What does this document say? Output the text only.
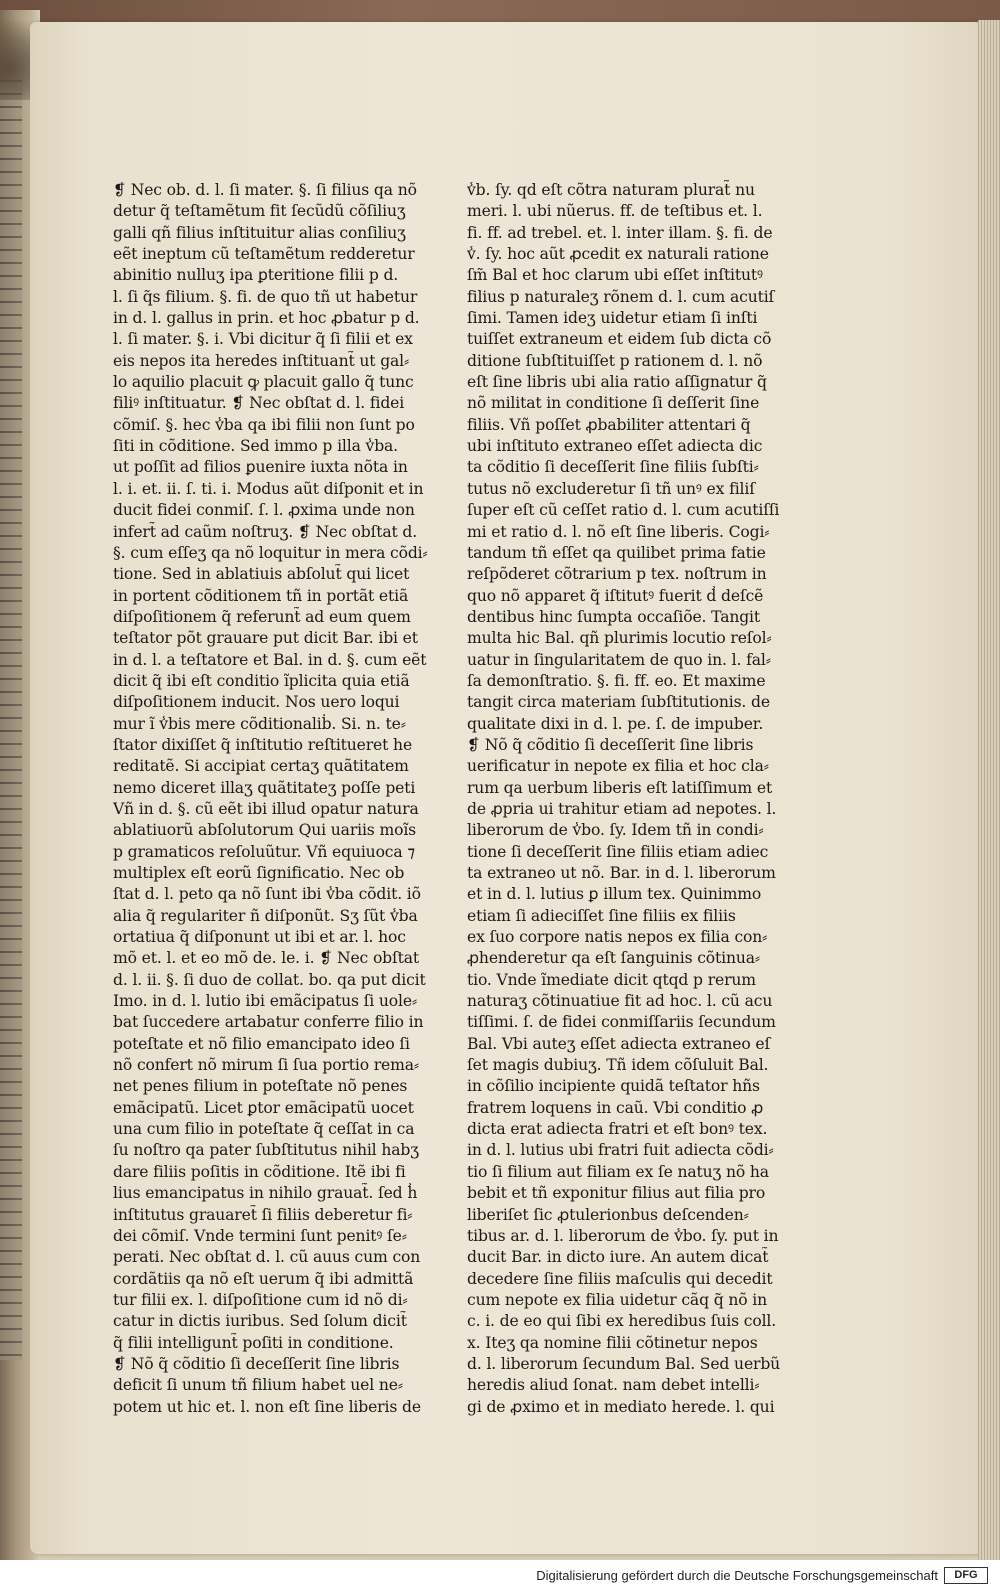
❡ Nec ob. d. l. ſi mater. §. ſi filius qa nõ
detur q̃ teſtamẽtum fit ſecũdũ cõſiliuʒ
galli qñ filius inſtituitur alias conſiliuʒ
eẽt ineptum cũ teſtamẽtum redderetur
abinitio nulluʒ ipa ꝑteritione filii p d.
l. ſi q̃s filium. §. fi. de quo tñ ut habetur
in d. l. gallus in prin. et hoc ꝓbatur p d.
l. ſi mater. §. i. Vbi dicitur q̃ ſi filii et ex
eis nepos ita heredes inſtituant̃ ut gal⸗
lo aquilio placuit ꝙ placuit gallo q̃ tunc
filiꝰ inſtituatur. ❡ Nec obſtat d. l. fidei
cõmiſ. §. hec v̾ba qa ibi filii non ſunt po
ſiti in cõditione. Sed immo p illa v̾ba.
ut poſſit ad filios ꝑuenire iuxta nõta in
l. i. et. ii. ſ. ti. i. Modus aũt diſponit et in
ducit fidei conmiſ. ſ. l. ꝓxima unde non
infert̃ ad caũm noſtruʒ. ❡ Nec obſtat d.
§. cum eſſeʒ qa nõ loquitur in mera cõdi⸗
tione. Sed in ablatiuis abſolut̃ qui licet
in portent cõditionem tñ in portãt etiã
diſpoſitionem q̃ referunt̃ ad eum quem
teſtator põt grauare put dicit Bar. ibi et
in d. l. a teſtatore et Bal. in d. §. cum eẽt
dicit q̃ ibi eſt conditio ĩplicita quia etiã
diſpoſitionem inducit. Nos uero loqui
mur ĩ v̾bis mere cõditionaliḃ. Si. n. te⸗
ſtator dixiſſet q̃ inſtitutio reſtitueret he
reditatẽ. Si accipiat certaʒ quãtitatem
nemo diceret illaʒ quãtitateʒ poſſe peti
Vñ in d. §. cũ eẽt ibi illud opatur natura
ablatiuorũ abſolutorum Qui uariis moĩs
p gramaticos reſoluũtur. Vñ equiuoca ⁊
multiplex eſt eorũ ſignificatio. Nec ob
ſtat d. l. peto qa nõ ſunt ibi v̾ba cõdit. iõ
alia q̃ regulariter ñ diſponũt. Sʒ ſũt v̾ba
ortatiua q̃ diſponunt ut ibi et ar. l. hoc
mõ et. l. et eo mõ de. le. i. ❡ Nec obſtat
d. l. ii. §. ſi duo de collat. bo. qa put dicit
Imo. in d. l. lutio ibi emãcipatus ſi uole⸗
bat ſuccedere artabatur conferre filio in
poteſtate et nõ filio emancipato ideo ſi
nõ confert nõ mirum ſi ſua portio rema⸗
net penes filium in poteſtate nõ penes
emãcipatũ. Licet ꝑtor emãcipatũ uocet
una cum filio in poteſtate q̃ ceſſat in ca
ſu noſtro qa pater ſubſtitutus nihil habʒ
dare filiis poſitis in cõditione. Itẽ ibi fi
lius emancipatus in nihilo grauat̃. ſed h̾
inſtitutus grauaret̃ ſi filiis deberetur fi⸗
dei cõmiſ. Vnde termini ſunt penitꝰ ſe⸗
perati. Nec obſtat d. l. cũ auus cum con
cordãtiis qa nõ eſt uerum q̃ ibi admittã
tur filii ex. l. diſpoſitione cum id nõ di⸗
catur in dictis iuribus. Sed ſolum dicit̃
q̃ filii intelligunt̃ poſiti in conditione.
❡ Nõ q̃ cõditio ſi deceſſerit ſine libris
deficit ſi unum tñ filium habet uel ne⸗
potem ut hic et. l. non eſt ſine liberis de
v̾b. ſy. qd eſt cõtra naturam plurat̃ nu
meri. l. ubi nũerus. ff. de teſtibus et. l.
fi. ff. ad trebel. et. l. inter illam. §. fi. de
v̾. ſy. hoc aũt ꝓcedit ex naturali ratione
ſm̃ Bal et hoc clarum ubi eſſet inſtitutꝰ
filius p naturaleʒ rõnem d. l. cum acutiſ
ſimi. Tamen ideʒ uidetur etiam ſi inſti
tuiſſet extraneum et eidem ſub dicta cõ
ditione ſubſtituiſſet p rationem d. l. nõ
eſt ſine libris ubi alia ratio aſſignatur q̃
nõ militat in conditione ſi deſſerit ſine
filiis. Vñ poſſet ꝓbabiliter attentari q̃
ubi inſtituto extraneo eſſet adiecta dic
ta cõditio ſi deceſſerit ſine filiis ſubſti⸗
tutus nõ excluderetur ſi tñ unꝰ ex filiſ
ſuper eſt cũ ceſſet ratio d. l. cum acutiſſi
mi et ratio d. l. nõ eſt ſine liberis. Cogi⸗
tandum tñ eſſet qa quilibet prima fatie
reſpõderet cõtrarium p tex. noſtrum in
quo nõ apparet q̃ iſtitutꝰ fuerit d̾ deſcẽ
dentibus hinc ſumpta occaſiõe. Tangit
multa hic Bal. qñ plurimis locutio reſol⸗
uatur in ſingularitatem de quo in. l. fal⸗
ſa demonſtratio. §. fi. ff. eo. Et maxime
tangit circa materiam ſubſtitutionis. de
qualitate dixi in d. l. pe. ſ. de impuber.
❡ Nõ q̃ cõditio ſi deceſſerit ſine libris
uerificatur in nepote ex filia et hoc cla⸗
rum qa uerbum liberis eſt latiſſimum et
de ꝓpria ui trahitur etiam ad nepotes. l.
liberorum de v̾bo. ſy. Idem tñ in condi⸗
tione ſi deceſſerit ſine filiis etiam adiec
ta extraneo ut nõ. Bar. in d. l. liberorum
et in d. l. lutius ꝑ illum tex. Quinimmo
etiam ſi adieciſſet ſine filiis ex filiis
ex ſuo corpore natis nepos ex filia con⸗
ꝓhenderetur qa eſt ſanguinis cõtinua⸗
tio. Vnde ĩmediate dicit qtqd p rerum
naturaʒ cõtinuatiue fit ad hoc. l. cũ acu
tiſſimi. ſ. de fidei conmiſſariis ſecundum
Bal. Vbi auteʒ eſſet adiecta extraneo eſ
ſet magis dubiuʒ. Tñ idem cõſuluit Bal.
in cõſilio incipiente quidã teſtator hñs
fratrem loquens in caũ. Vbi conditio ꝓ
dicta erat adiecta fratri et eſt bonꝰ tex.
in d. l. lutius ubi fratri fuit adiecta cõdi⸗
tio ſi filium aut filiam ex ſe natuʒ nõ ha
bebit et tñ exponitur filius aut filia pro
liberiſet ſic ꝓtulerionbus deſcenden⸗
tibus ar. d. l. liberorum de v̾bo. ſy. put in
ducit Bar. in dicto iure. An autem dicat̃
decedere ſine filiis maſculis qui decedit
cum nepote ex filia uidetur cãq q̃ nõ in
c. i. de eo qui ſibi ex heredibus ſuis coll.
x. Iteʒ qa nomine filii cõtinetur nepos
d. l. liberorum ſecundum Bal. Sed uerbũ
heredis aliud ſonat. nam debet intelli⸗
gi de ꝓximo et in mediato herede. l. qui
Digitalisierung gefördert durch die Deutsche Forschungsgemeinschaft	DFG
